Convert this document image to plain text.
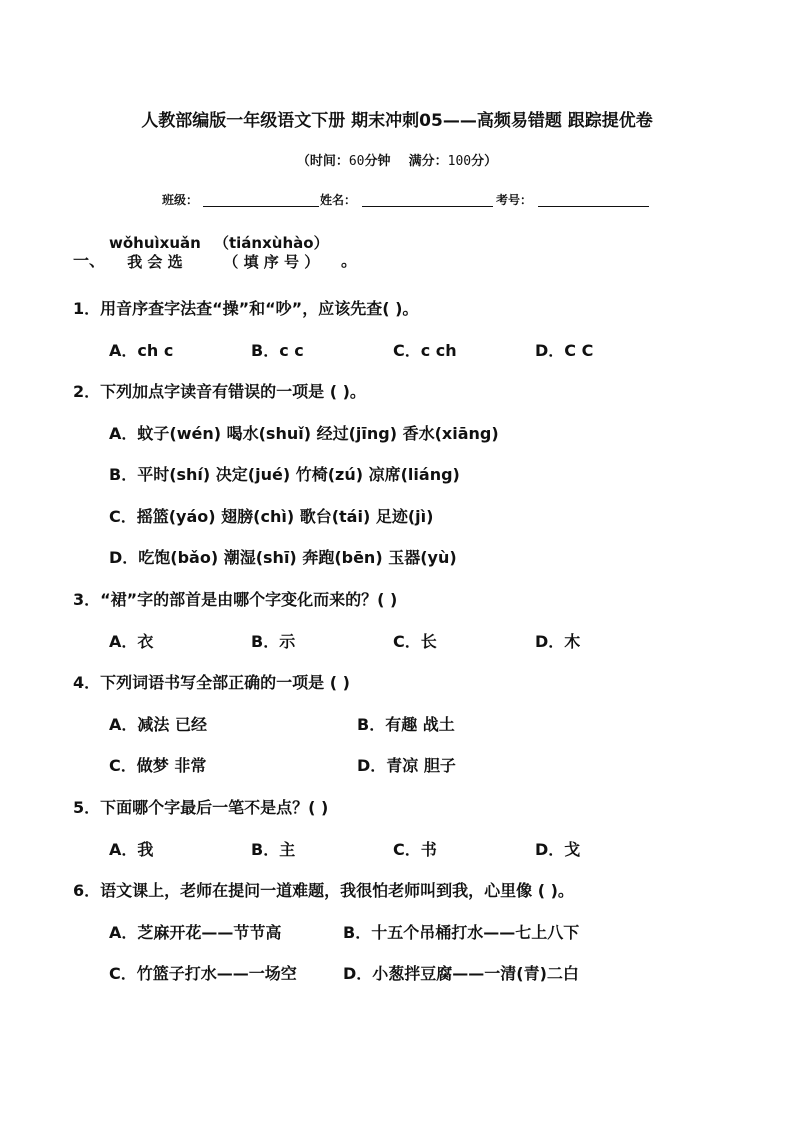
人教部编版一年级语文下册 期末冲刺05——高频易错题 跟踪提优卷
（时间：60分钟 满分：100分）
班级：	姓名：	考号：
一、
wǒhuìxuǎn
我 会 选
（tiánxùhào）
（ 填 序 号 ）	。
1．用音序查字法查“操”和“吵”，应该先查( )。
A．ch c	B．c c	C．c ch	D．C C
2．下列加点字读音有错误的一项是 ( )。
A．蚊子(wén) 喝水(shuǐ) 经过(jīng) 香水(xiāng)
B．平时(shí) 决定(jué) 竹椅(zú) 凉席(liáng)
C．摇篮(yáo) 翅膀(chì) 歌台(tái) 足迹(jì)
D．吃饱(bǎo) 潮湿(shī) 奔跑(bēn) 玉器(yù)
3．“裙”字的部首是由哪个字变化而来的？( )
A．衣	B．示	C．长	D．木
4．下列词语书写全部正确的一项是 ( )
A．减法 已经	B．有趣 战土
C．做梦 非常	D．青凉 胆子
5．下面哪个字最后一笔不是点？( )
A．我	B．主	C．书	D．戈
6．语文课上，老师在提问一道难题，我很怕老师叫到我，心里像 ( )。
A．芝麻开花——节节高	B．十五个吊桶打水——七上八下
C．竹篮子打水——一场空	D．小葱拌豆腐——一清(青)二白
